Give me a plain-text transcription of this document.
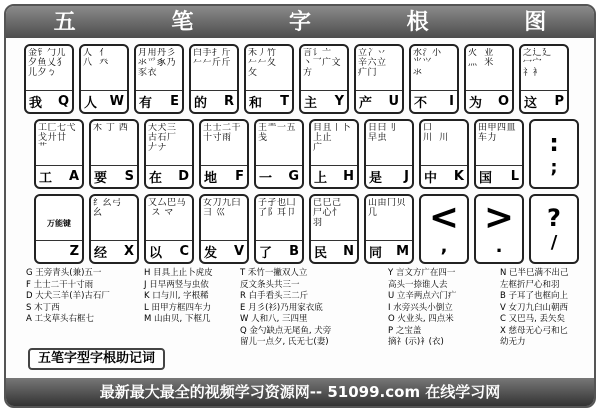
五 笔 字 根 图
金钅勹儿
夕鱼乂犭
儿夕ㄅ
我 Q
人  亻
八  癶

人 W
月用丹彡
氺爫𧰨乃
豕衣
有 E
白手扌斤
𠂉𠂉斤斤

的 R
禾丿竹
𠂉𠂉夂
攵
和 T
言讠亠
丶乛广文
方
主 Y
立冫丷
辛六立
疒门
产 U
水氵小
⺌⺍
氺
不 I
火  业
灬  米

为 O
之辶廴
冖宀
礻衤
这 P
工匚七弋
戈廾廿
艹
工 A
木 丁 西

要 S
大犬三
古石厂
𠂇ナ
在 D
土士二干
十寸雨

地 F
王龶一五
戋

一 G
目且丨卜
上止
广
上 H
日曰刂
早虫

是 J
口
川  川

中 K
田甲四皿
车力

国 L
:
;
万能键
Z
纟幺弓
幺

经 X
又厶巴马
ス マ

以 C
女刀九臼
彐 巛

发 V
子孑也凵
了阝耳卩

了 B
已巳己
尸心忄
羽
民 N
山由冂贝
几

同 M
<
,
>
.
?
/
G 王旁青头(兼)五一
F 土士二干十寸雨
D 大犬三羊(羊)古石厂
S 木丁西
A 工戈草头右框七
H 目具上止卜虎皮
J 日早两竖与虫依
K 口与川, 字根稀
L 田甲方框四车力
M 山由贝, 下框几
T 禾竹一撇双人立
反文条头共三一
R 白手看头三二斤
E 月彡(衫)乃用家衣底
W 人和八, 三四里
Q 金勺缺点无尾鱼, 犬旁
留儿一点夕, 氏无七(妻)
Y 言文方广在四一
高头一捺谁人去
U 立辛两点六门疒
I 水旁兴头小倒立
O 火业头, 四点米
P 之宝盖
摘礻(示)衤(衣)
N 已半巳满不出己
左框折尸心和羽
B 子耳了也框向上
V 女刀九臼山朝西
C 又巴马, 丢矢矣
X 慈母无心弓和匕
幼无力
五笔字型字根助记词
最新最大最全的视频学习资源网-- 51099.com 在线学习网
